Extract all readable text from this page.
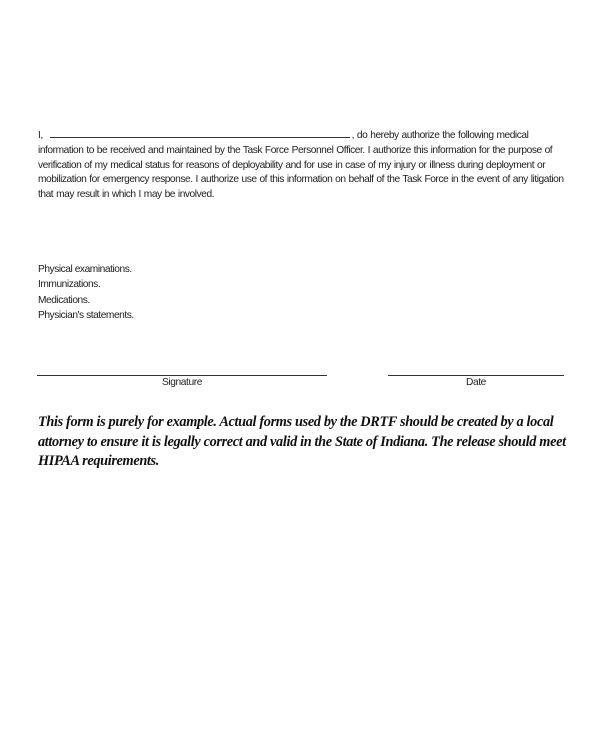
I,	, do hereby authorize the following medical information to be received and maintained by the Task Force Personnel Officer. I authorize this information for the purpose of verification of my medical status for reasons of deployability and for use in case of my injury or illness during deployment or mobilization for emergency response. I authorize use of this information on behalf of the Task Force in the event of any litigation that may result in which I may be involved.

Physical examinations.
Immunizations.
Medications.
Physician's statements.
Signature	Date

This form is purely for example. Actual forms used by the DRTF should be created by a local attorney to ensure it is legally correct and valid in the State of Indiana. The release should meet HIPAA requirements.
